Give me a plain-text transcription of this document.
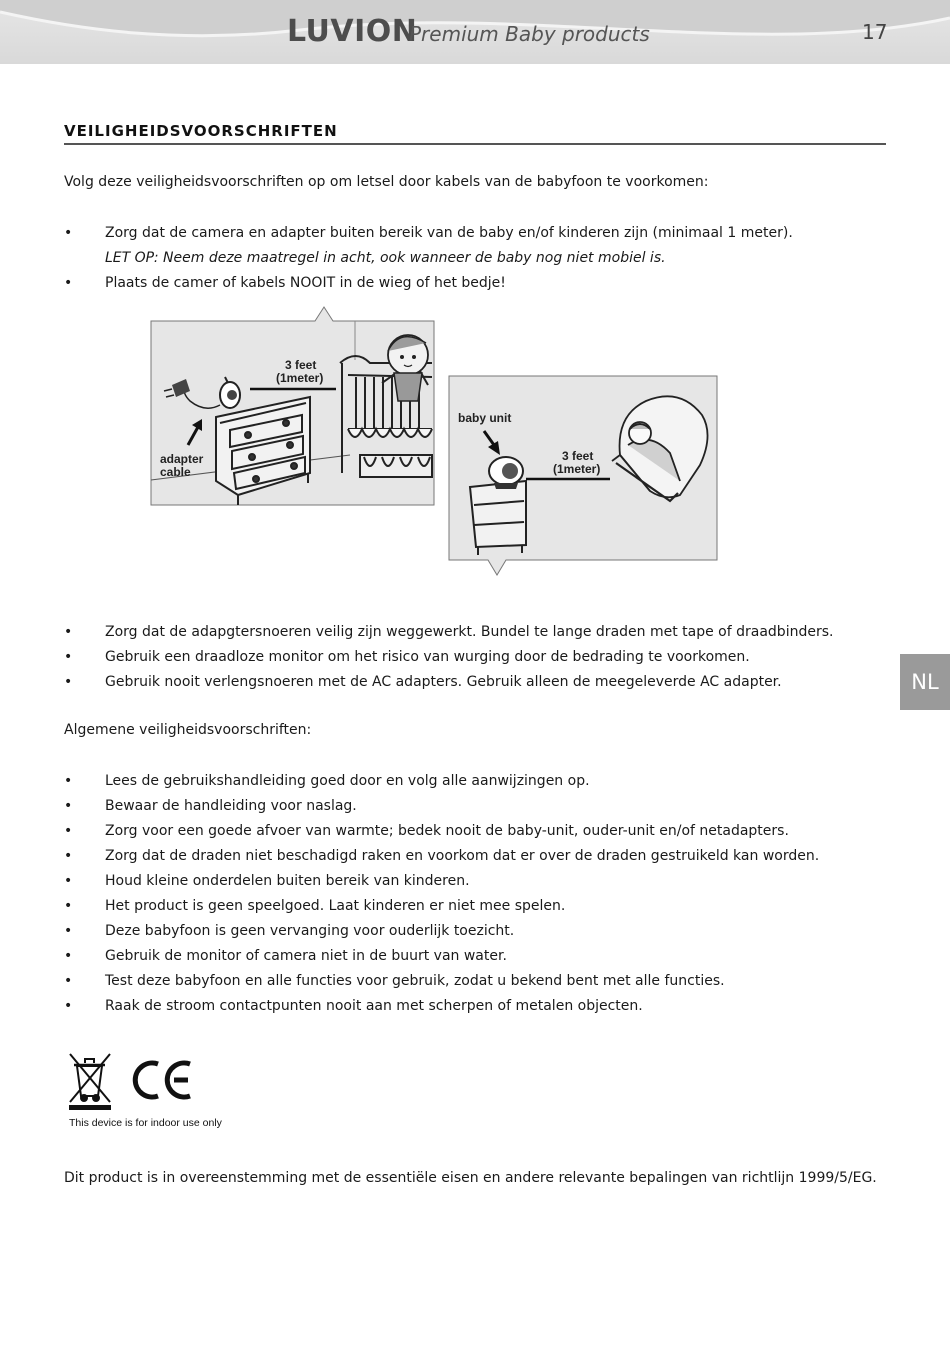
LUVION
Premium Baby products	17
VEILIGHEIDSVOORSCHRIFTEN
Volg deze veiligheidsvoorschriften op om letsel door kabels van de babyfoon te voorkomen:
• Zorg dat de camera en adapter buiten bereik van de baby en/of kinderen zijn (minimaal 1 meter).
LET OP: Neem deze maatregel in acht, ook wanneer de baby nog niet mobiel is.
• Plaats de camer of kabels NOOIT in de wieg of het bedje!
adapter
cable
3 feet
(1meter)
baby unit
3 feet
(1meter)
• Zorg dat de adapgtersnoeren veilig zijn weggewerkt. Bundel te lange draden met tape of draadbinders.
• Gebruik een draadloze monitor om het risico van wurging door de bedrading te voorkomen.
• Gebruik nooit verlengsnoeren met de AC adapters. Gebruik alleen de meegeleverde AC adapter.	NL
Algemene veiligheidsvoorschriften:
• Lees de gebruikshandleiding goed door en volg alle aanwijzingen op.
• Bewaar de handleiding voor naslag.
• Zorg voor een goede afvoer van warmte; bedek nooit de baby-unit, ouder-unit en/of netadapters.
• Zorg dat de draden niet beschadigd raken en voorkom dat er over de draden gestruikeld kan worden.
• Houd kleine onderdelen buiten bereik van kinderen.
• Het product is geen speelgoed. Laat kinderen er niet mee spelen.
• Deze babyfoon is geen vervanging voor ouderlijk toezicht.
• Gebruik de monitor of camera niet in de buurt van water.
• Test deze babyfoon en alle functies voor gebruik, zodat u bekend bent met alle functies.
• Raak de stroom contactpunten nooit aan met scherpen of metalen objecten.
This device is for indoor use only
Dit product is in overeenstemming met de essentiële eisen en andere relevante bepalingen van richtlijn 1999/5/EG.
